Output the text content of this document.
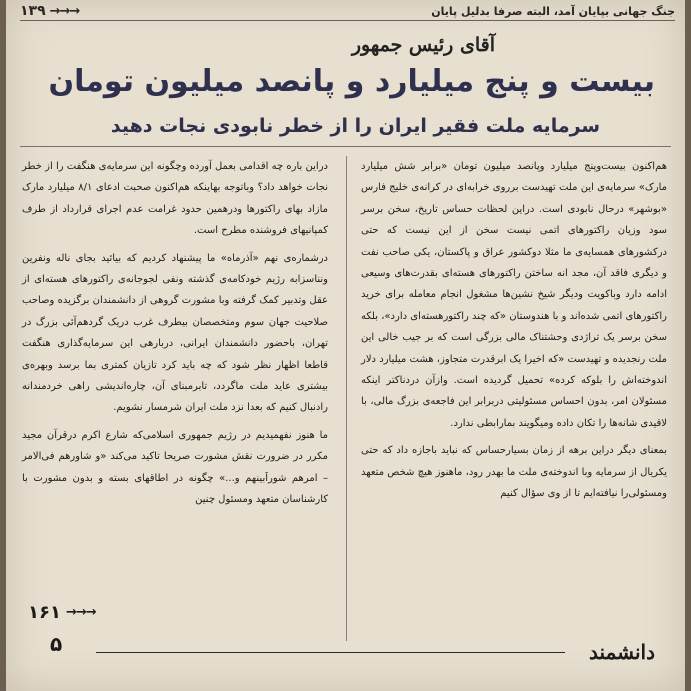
جنگ جهانی بپایان آمد، البته صرفا بدلیل پایان
۱۳۹ →→→
آقای رئیس جمهور
بیست و پنج میلیارد و پانصد میلیون تومان
سرمایه ملت فقیر ایران را از خطر نابودی نجات دهید

هم‌اکنون بیست‌وپنج میلیارد وپانصد میلیون تومان «برابر شش میلیارد مارک» سرمایه‌ی این ملت تهیدست برروی خرابه‌ای در کرانه‌ی خلیج فارس «بوشهر» درحال نابودی است. دراین لحظات حساس تاریخ، سخن برسر سود وزیان راکتورهای اتمی نیست سخن از این نیست که حتی درکشورهای همسایه‌ی ما مثلا دوکشور عراق و پاکستان، یکی صاحب نفت و دیگری فاقد آن، مجد انه ساختن راکتورهای هسته‌ای بقدرت‌های وسیعی ادامه دارد وباکویت ودیگر شیخ نشین‌ها مشغول انجام معامله برای خرید راکتورهای اتمی شده‌اند و با هندوستان «که چند راکتورهسته‌ای دارد»، بلکه سخن برسر یک تراژدی وحشتناک مالی بزرگی است که بر جیب خالی این ملت رنجدیده و تهیدست «که اخیرا یک ابرقدرت متجاوز، هشت میلیارد دلار اندوخته‌اش را بلوکه کرده» تحمیل گردیده است. وازآن دردناکتر اینکه مسئولان امر، بدون احساس مسئولیتی دربرابر این فاجعه‌ی بزرگ مالی، با لاقیدی شانه‌ها را تکان داده ومیگویند بمارابطی ندارد.

بمعنای دیگر دراین برهه از زمان بسیارحساس که نباید باجازه داد که حتی یکریال از سرمایه وبا اندوخته‌ی ملت ما بهدر رود، ماهنوز هیچ شخص متعهد ومسئولی‌را نیافته‌ایم تا از وی سؤال کنیم

دراین باره چه اقدامی بعمل آورده وچگونه این سرمایه‌ی هنگفت را از خطر نجات خواهد داد؟ وباتوجه بهاینکه هم‌اکنون صحبت ادعای ۸/۱ میلیارد مارک مازاد بهای راکتورها ودرهمین حدود غرامت عدم اجرای قرارداد از طرف کمپانیهای فروشنده مطرح است.

درشماره‌ی نهم «آذرماه» ما پیشنهاد کردیم که بیائید بجای ناله ونفرین ونناسزابه رژیم خودکامه‌ی گذشته ونفی لجوجانه‌ی راکتورهای هسته‌ای از عقل وتدبیر کمک گرفته وبا مشورت گروهی از دانشمندان برگزیده وصاحب صلاحیت جهان سوم ومتخصصان بیطرف غرب دریک گردهم‌آئی بزرگ در تهران، باحضور دانشمندان ایرانی، دربارهی این سرمایه‌گذاری هنگفت قاطعا اظهار نظر شود که چه باید کرد تازیان کمتری بما برسد وبهره‌ی بیشتری عاید ملت ماگردد، تابرمبنای آن، چاره‌اندیشی راهی خردمندانه رادنبال کنیم که بعدا نزد ملت ایران شرمسار نشویم.

ما هنوز نفهمیدیم در رژیم جمهوری اسلامی‌که شارع اکرم درقرآن مجید مکرر در ضرورت نقش مشورت صریحا تاکید می‌کند «و شاورهم فی‌الامر – امرهم شوراَبینهم و...» چگونه در اطاقهای بسته و بدون مشورت با کارشناسان متعهد ومسئول چنین

۱۶۱ →→→
۵	دانشمند
